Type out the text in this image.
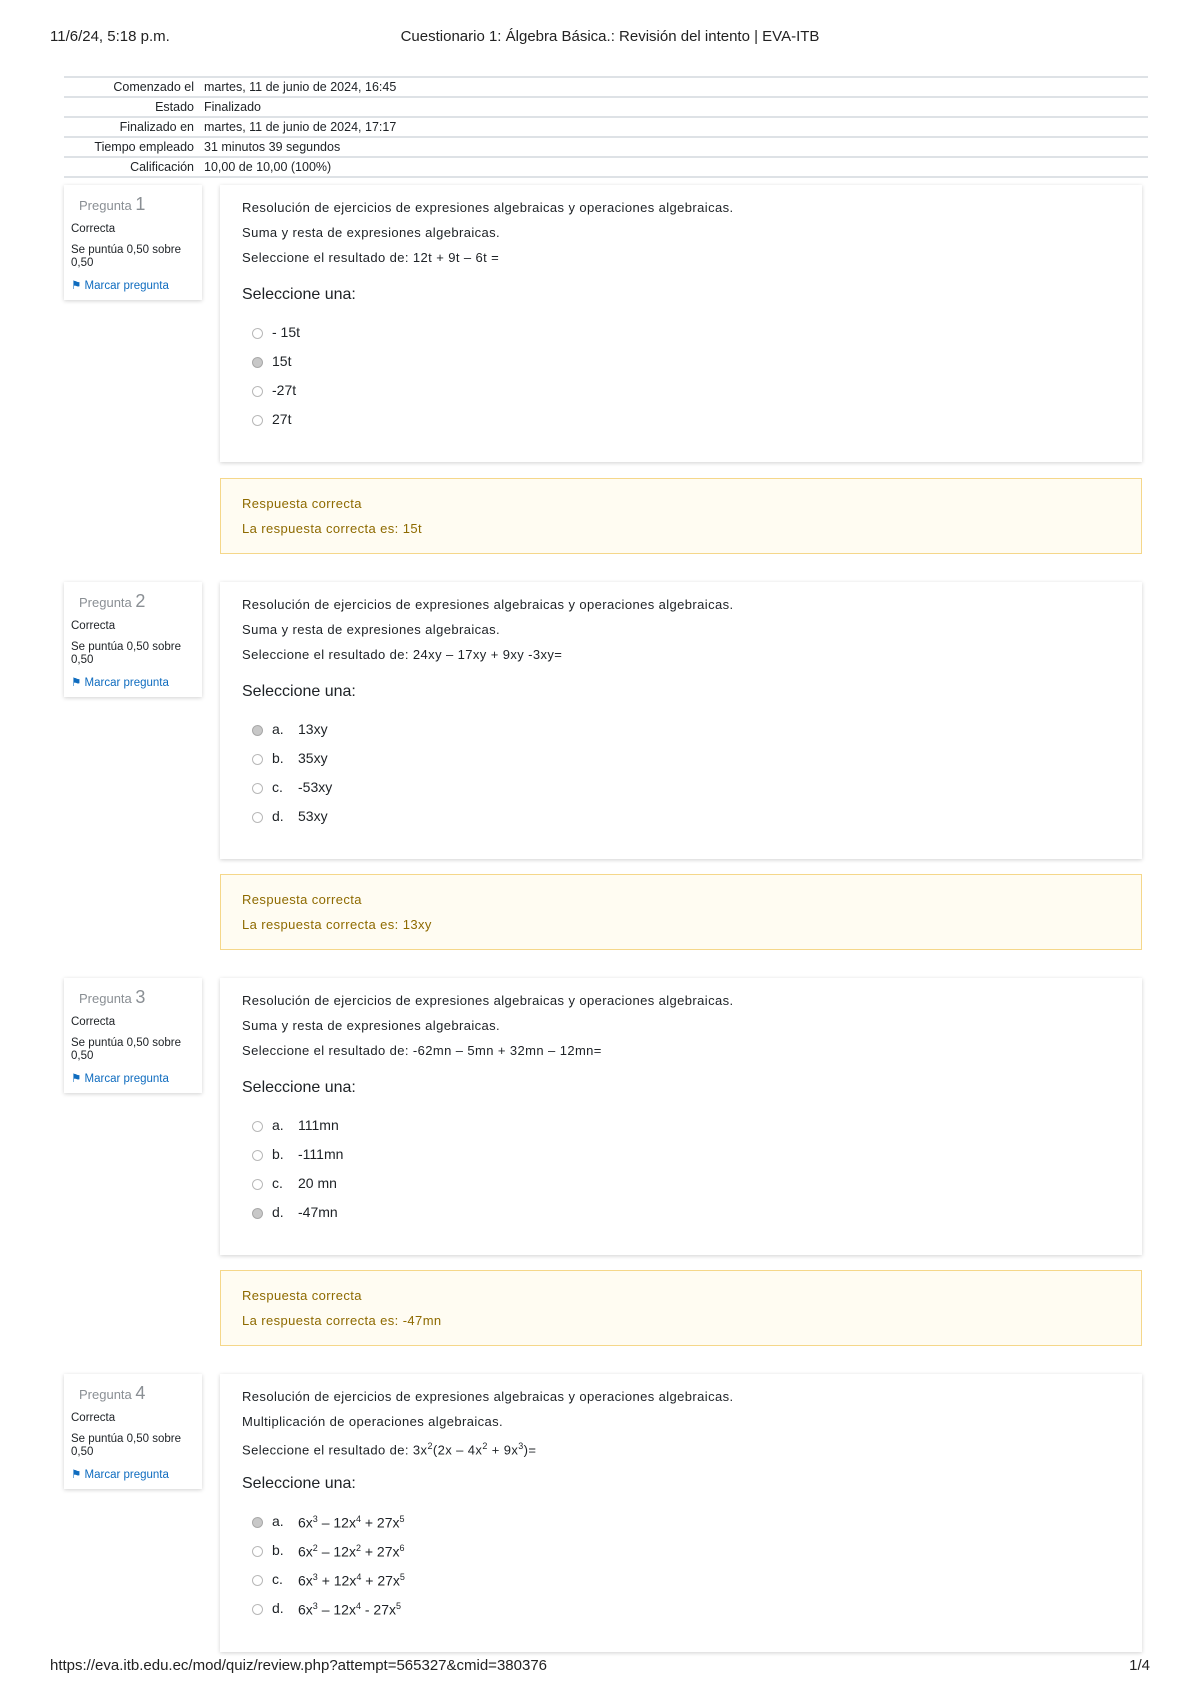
11/6/24, 5:18 p.m.	Cuestionario 1: Álgebra Básica.: Revisión del intento | EVA-ITB
Comenzado el	martes, 11 de junio de 2024, 16:45
Estado	Finalizado
Finalizado en	martes, 11 de junio de 2024, 17:17
Tiempo empleado	31 minutos 39 segundos
Calificación	10,00 de 10,00 (100%)
Pregunta 1
Correcta
Se puntúa 0,50 sobre 0,50
⚑ Marcar pregunta
Resolución de ejercicios de expresiones algebraicas y operaciones algebraicas.
Suma y resta de expresiones algebraicas.
Seleccione el resultado de: 12t + 9t – 6t =
Seleccione una:
- 15t
15t
-27t
27t
Respuesta correcta
La respuesta correcta es: 15t
Pregunta 2
Correcta
Se puntúa 0,50 sobre 0,50
⚑ Marcar pregunta
Resolución de ejercicios de expresiones algebraicas y operaciones algebraicas.
Suma y resta de expresiones algebraicas.
Seleccione el resultado de: 24xy – 17xy + 9xy -3xy=
Seleccione una:
a.	13xy
b.	35xy
c.	-53xy
d.	53xy
Respuesta correcta
La respuesta correcta es: 13xy
Pregunta 3
Correcta
Se puntúa 0,50 sobre 0,50
⚑ Marcar pregunta
Resolución de ejercicios de expresiones algebraicas y operaciones algebraicas.
Suma y resta de expresiones algebraicas.
Seleccione el resultado de: -62mn – 5mn + 32mn – 12mn=
Seleccione una:
a.	111mn
b.	-111mn
c.	20 mn
d.	-47mn
Respuesta correcta
La respuesta correcta es: -47mn
Pregunta 4
Correcta
Se puntúa 0,50 sobre 0,50
⚑ Marcar pregunta
Resolución de ejercicios de expresiones algebraicas y operaciones algebraicas.
Multiplicación de operaciones algebraicas.
Seleccione el resultado de: $3x^2(2x - 4x^2 + 9x^3)=$
Seleccione una:
a.	$6x^3 - 12x^4 + 27x^5$
b.	$6x^2 - 12x^2 + 27x^6$
c.	$6x^3 + 12x^4 + 27x^5$
d.	$6x^3 - 12x^4 - 27x^5$
https://eva.itb.edu.ec/mod/quiz/review.php?attempt=565327&cmid=380376	1/4
